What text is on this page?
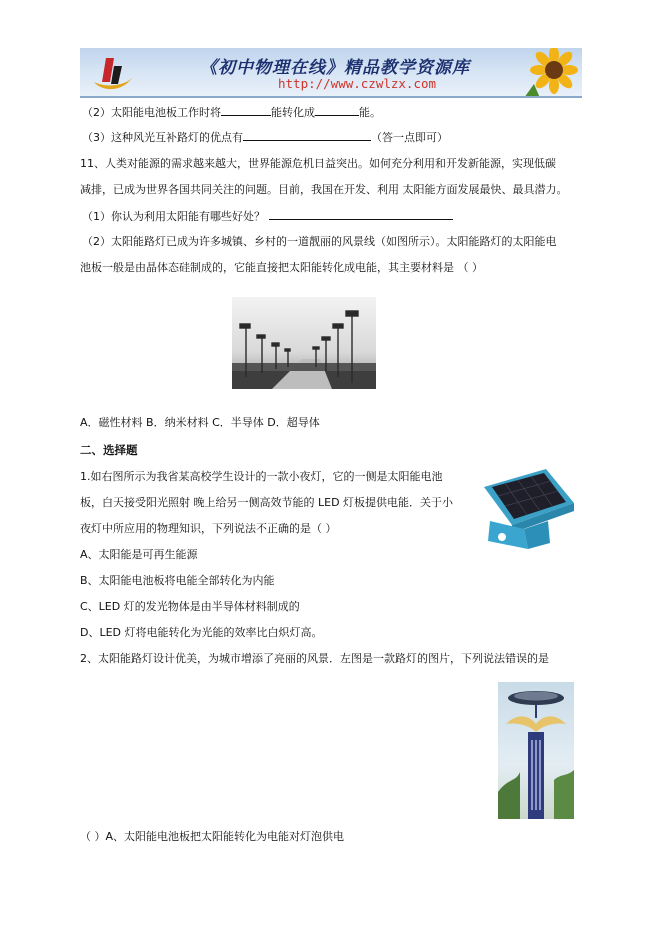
《初中物理在线》精品教学资源库
http://www.czwlzx.com
（2）太阳能电池板工作时将	能转化成	能。
（3）这种风光互补路灯的优点有	（答一点即可）
11、人类对能源的需求越来越大，世界能源危机日益突出。如何充分利用和开发新能源，实现低碳
减排，已成为世界各国共同关注的问题。目前，我国在开发、利用 太阳能方面发展最快、最具潜力。
（1）你认为利用太阳能有哪些好处？
（2）太阳能路灯已成为许多城镇、乡村的一道靓丽的风景线（如图所示）。太阳能路灯的太阳能电
池板一般是由晶体态硅制成的，它能直接把太阳能转化成电能，其主要材料是 （ ）
A．磁性材料 B．纳米材料 C．半导体 D．超导体
二、选择题
1.如右图所示为我省某高校学生设计的一款小夜灯，它的一侧是太阳能电池
板，白天接受阳光照射 晚上给另一侧高效节能的 LED 灯板提供电能．关于小
夜灯中所应用的物理知识，下列说法不正确的是（ ）
A、太阳能是可再生能源
B、太阳能电池板将电能全部转化为内能
C、LED 灯的发光物体是由半导体材料制成的
D、LED 灯将电能转化为光能的效率比白炽灯高。
2、太阳能路灯设计优美，为城市增添了亮丽的风景．左图是一款路灯的图片，下列说法错误的是
（ ）A、太阳能电池板把太阳能转化为电能对灯泡供电
